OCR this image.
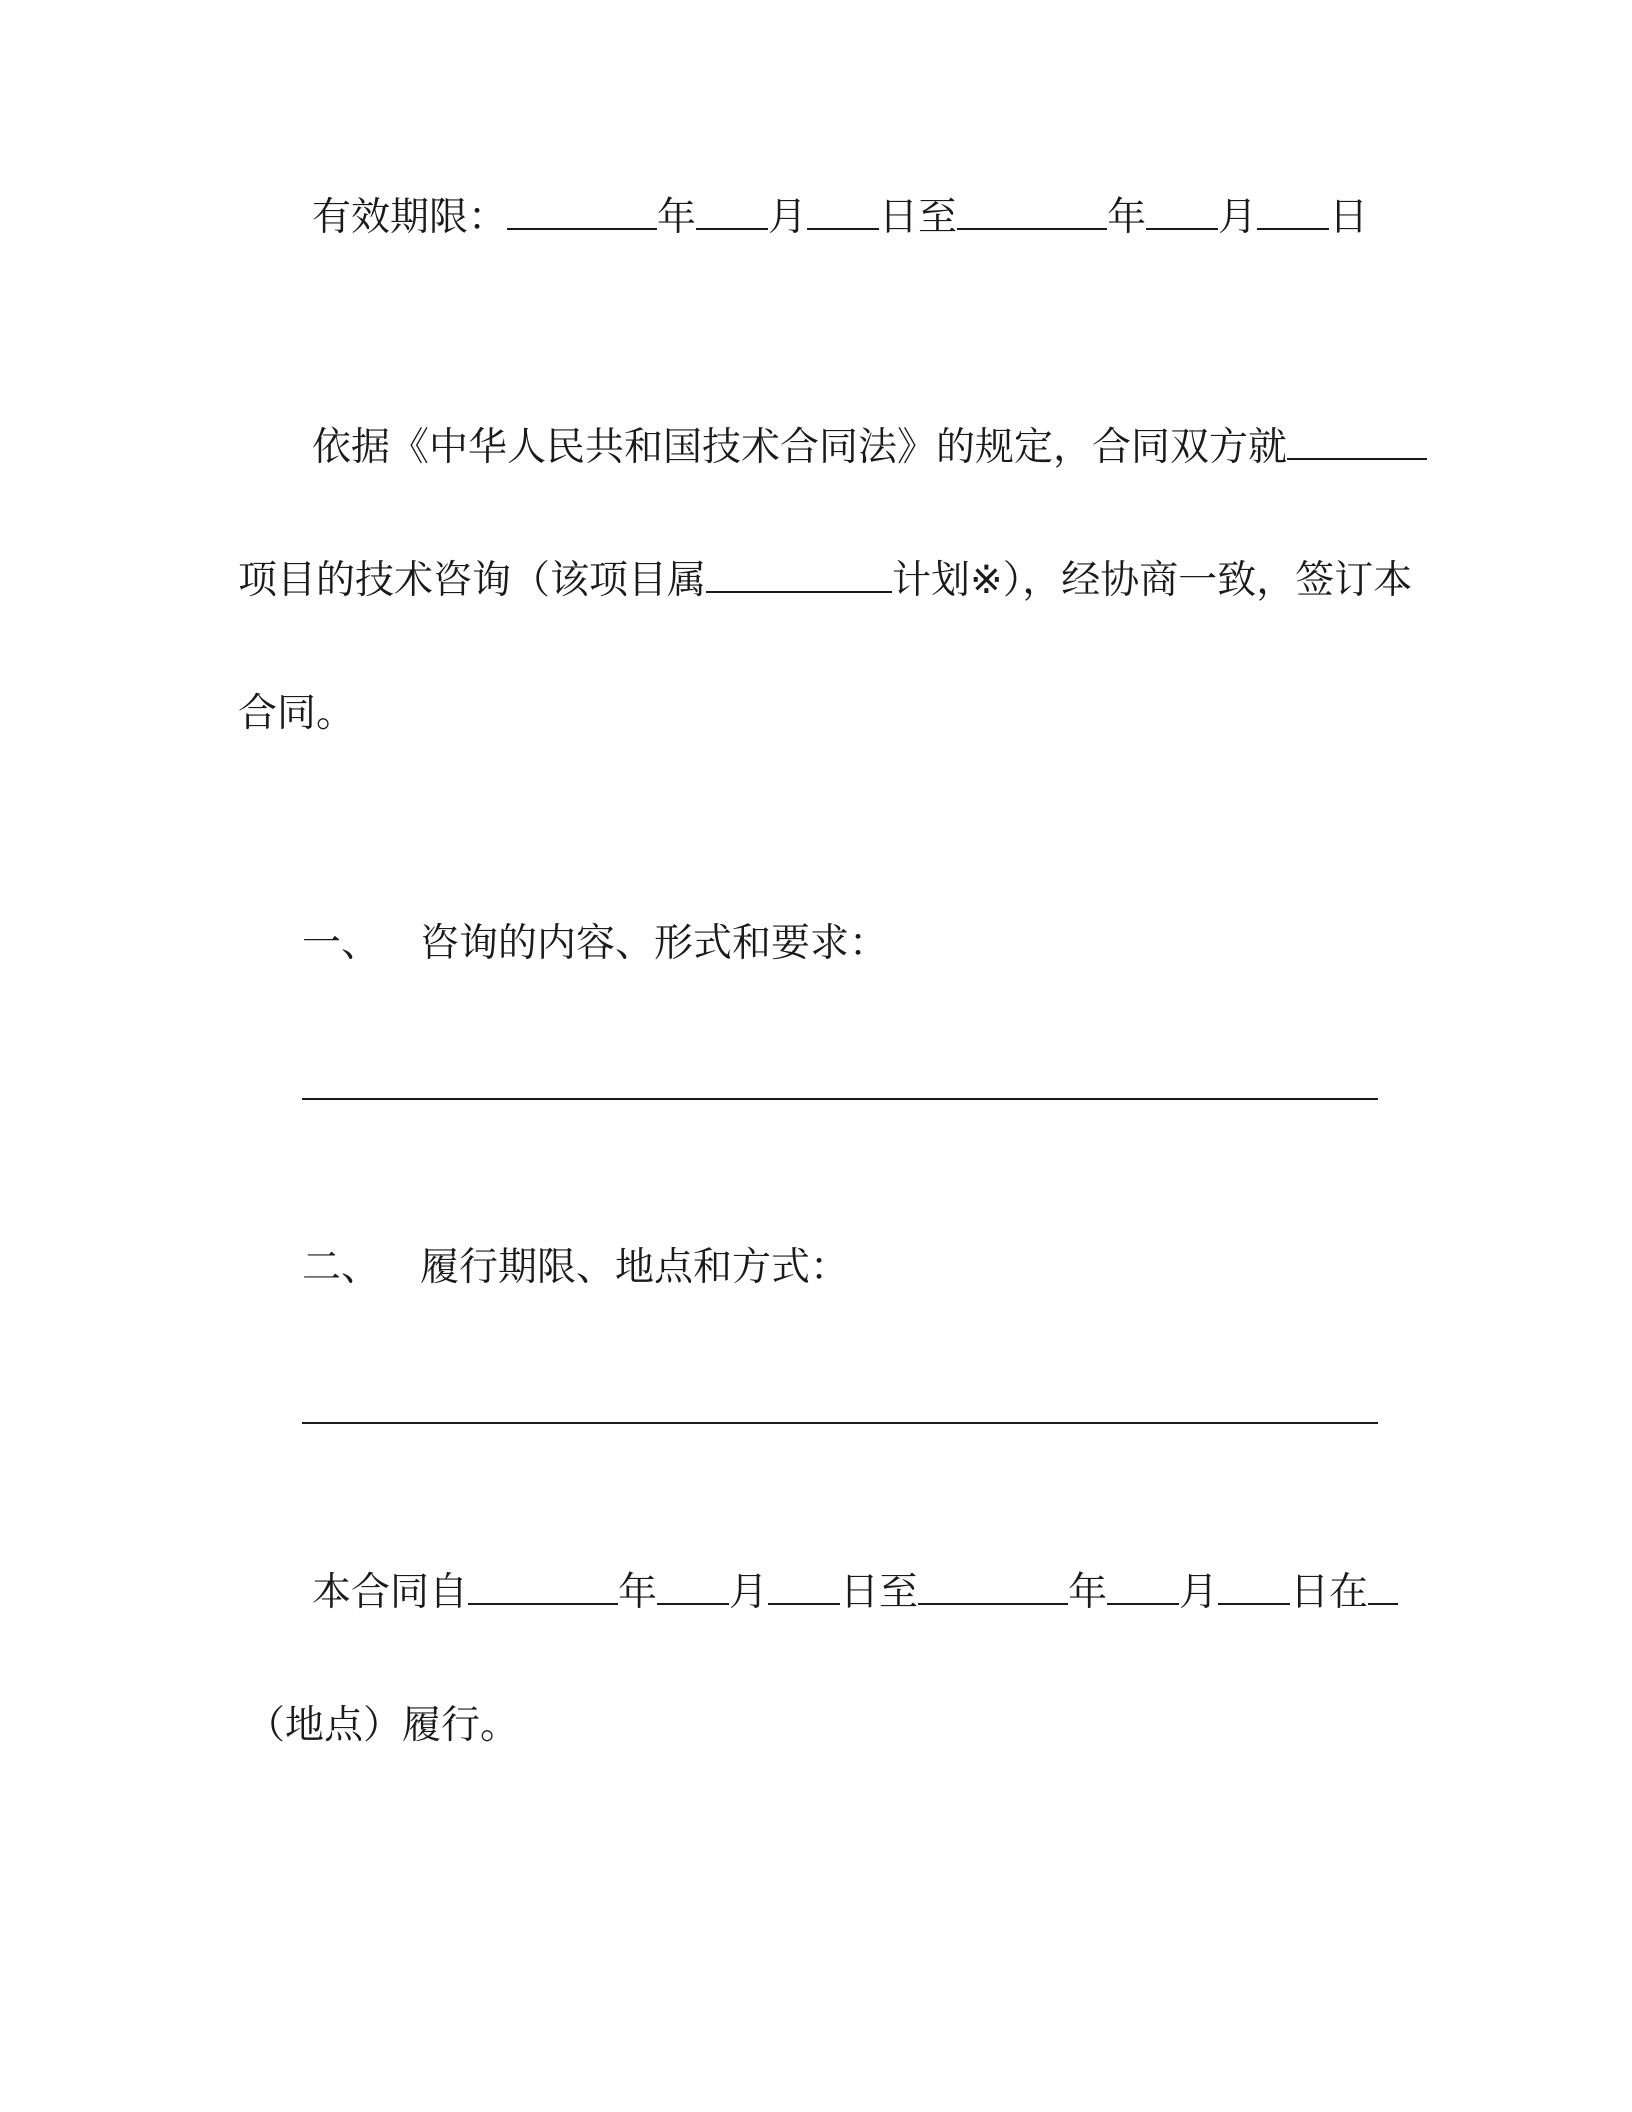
有效期限：	年 月 日至	年 月 日
依据《中华人民共和国技术合同法》的规定，合同双方就
项目的技术咨询（该项目属	计划※），经协商一致，签订本
合同。
一、 咨询的内容、形式和要求：
二、 履行期限、地点和方式：
本合同自	年 月 日至	年 月 日在
（地点）履行。
